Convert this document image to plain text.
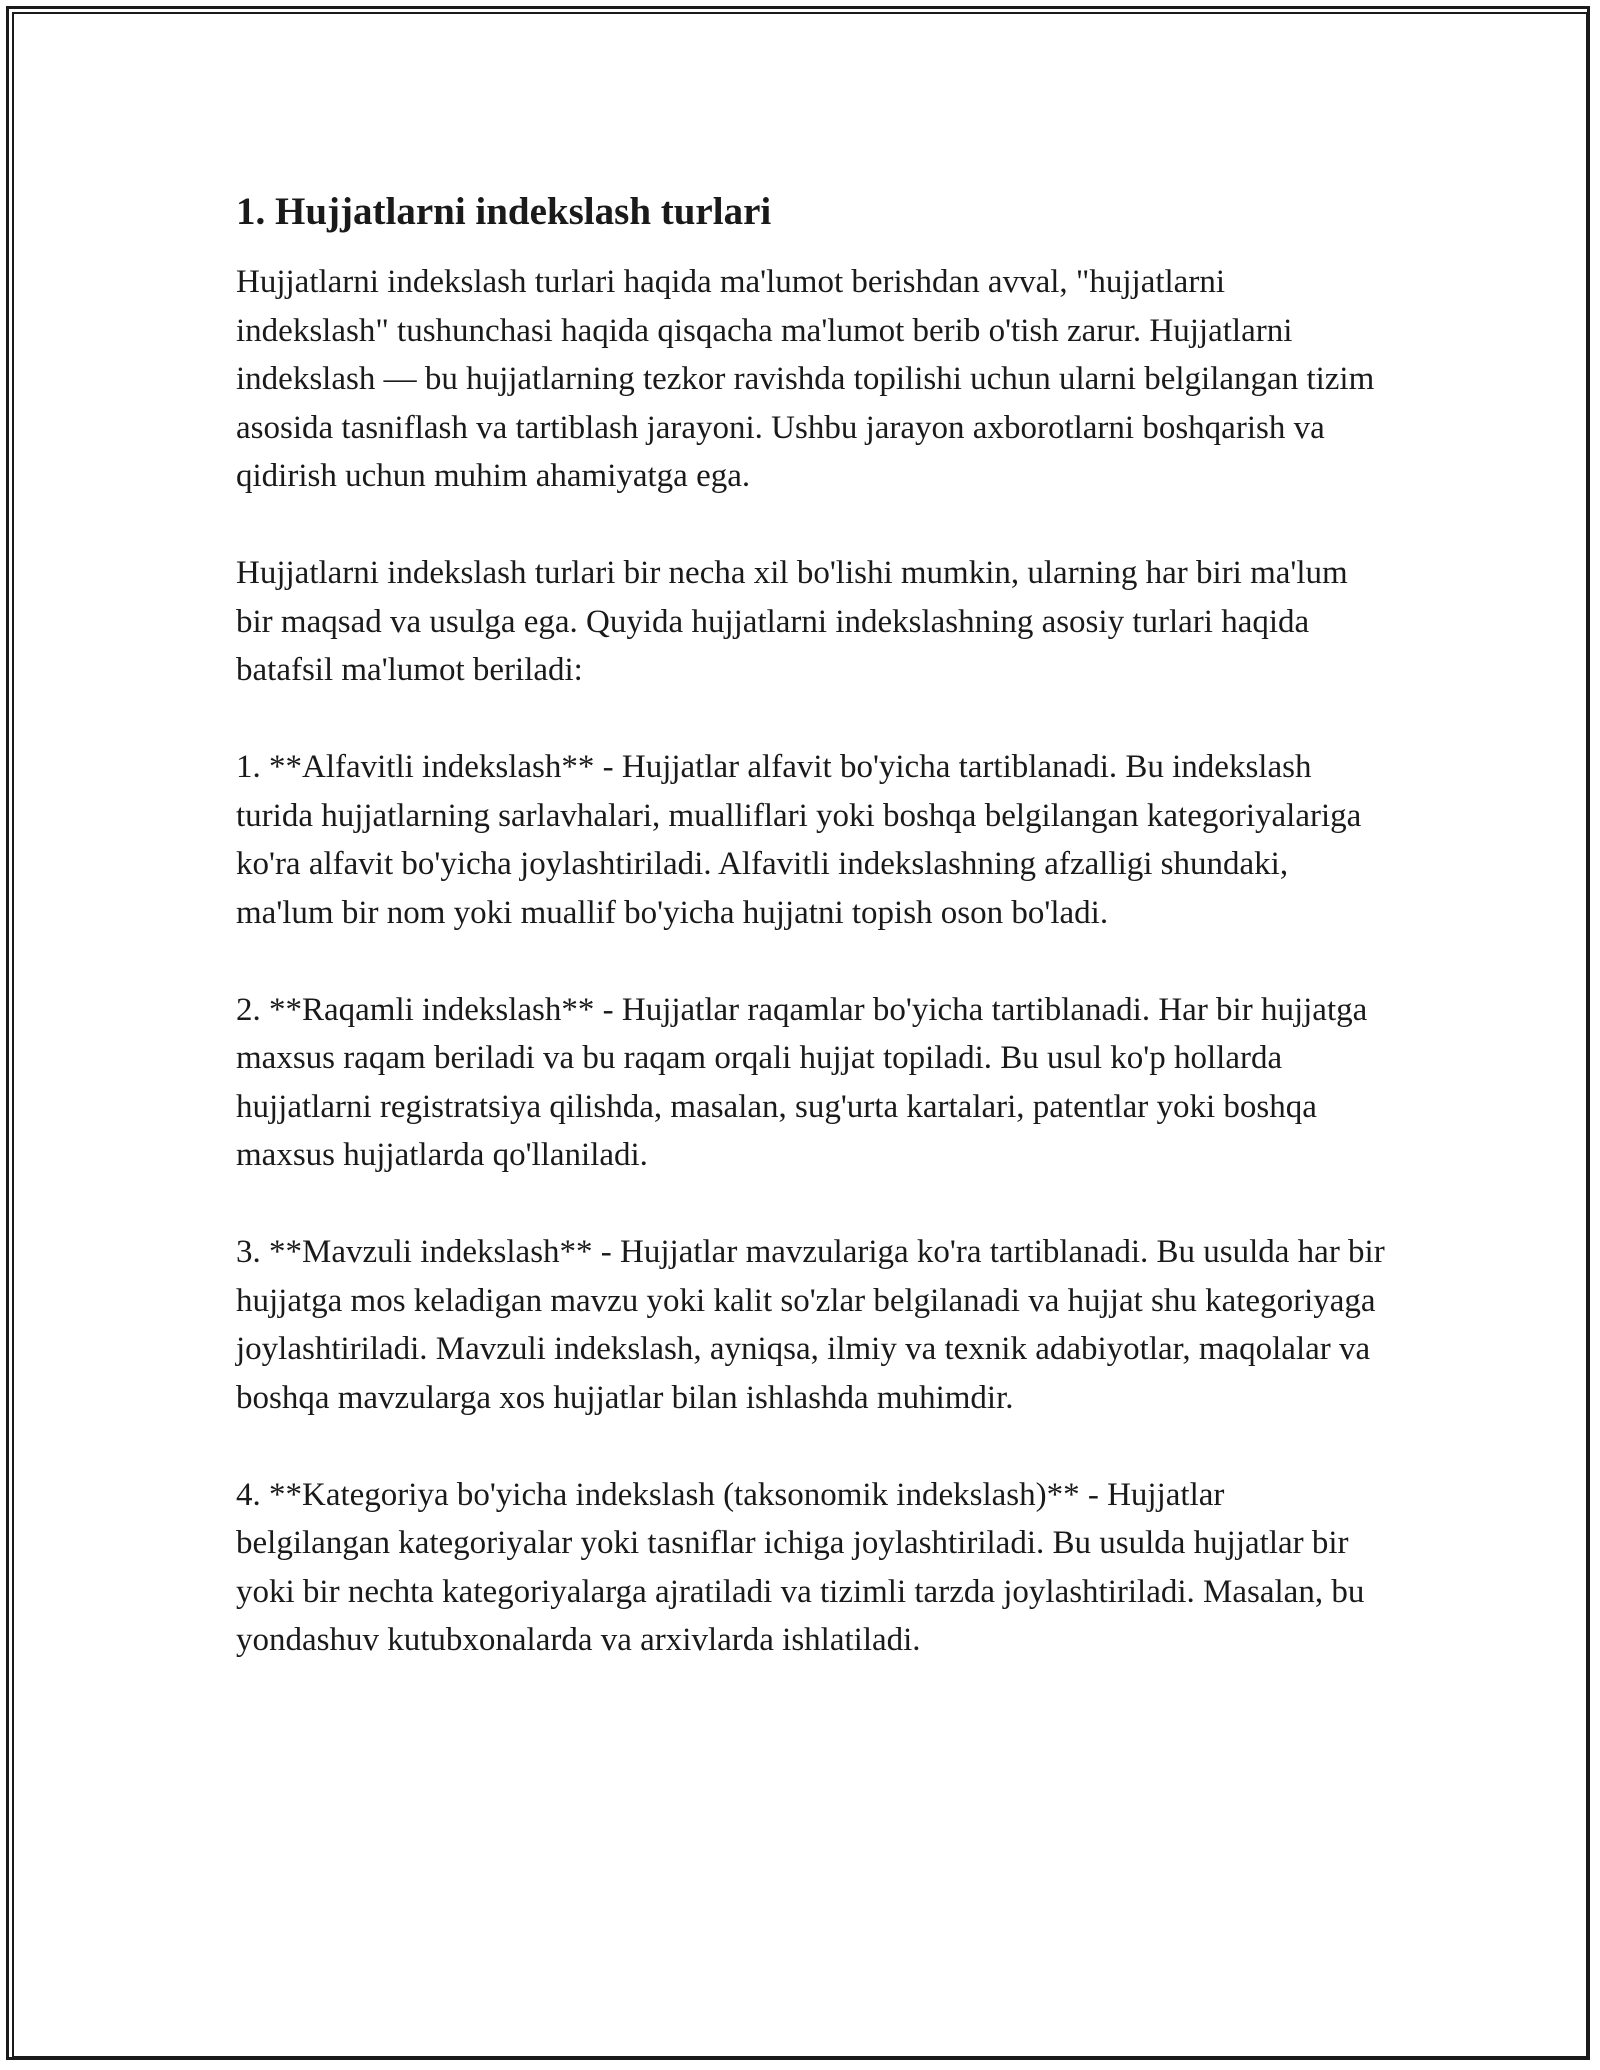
1. Hujjatlarni indekslash turlari

Hujjatlarni indekslash turlari haqida ma'lumot berishdan avval, "hujjatlarni indekslash" tushunchasi haqida qisqacha ma'lumot berib o'tish zarur. Hujjatlarni indekslash — bu hujjatlarning tezkor ravishda topilishi uchun ularni belgilangan tizim asosida tasniflash va tartiblash jarayoni. Ushbu jarayon axborotlarni boshqarish va qidirish uchun muhim ahamiyatga ega.

Hujjatlarni indekslash turlari bir necha xil bo'lishi mumkin, ularning har biri ma'lum bir maqsad va usulga ega. Quyida hujjatlarni indekslashning asosiy turlari haqida batafsil ma'lumot beriladi:

1. **Alfavitli indekslash** - Hujjatlar alfavit bo'yicha tartiblanadi. Bu indekslash turida hujjatlarning sarlavhalari, mualliflari yoki boshqa belgilangan kategoriyalariga ko'ra alfavit bo'yicha joylashtiriladi. Alfavitli indekslashning afzalligi shundaki, ma'lum bir nom yoki muallif bo'yicha hujjatni topish oson bo'ladi.

2. **Raqamli indekslash** - Hujjatlar raqamlar bo'yicha tartiblanadi. Har bir hujjatga maxsus raqam beriladi va bu raqam orqali hujjat topiladi. Bu usul ko'p hollarda hujjatlarni registratsiya qilishda, masalan, sug'urta kartalari, patentlar yoki boshqa maxsus hujjatlarda qo'llaniladi.

3. **Mavzuli indekslash** - Hujjatlar mavzulariga ko'ra tartiblanadi. Bu usulda har bir hujjatga mos keladigan mavzu yoki kalit so'zlar belgilanadi va hujjat shu kategoriyaga joylashtiriladi. Mavzuli indekslash, ayniqsa, ilmiy va texnik adabiyotlar, maqolalar va boshqa mavzularga xos hujjatlar bilan ishlashda muhimdir.

4. **Kategoriya bo'yicha indekslash (taksonomik indekslash)** - Hujjatlar belgilangan kategoriyalar yoki tasniflar ichiga joylashtiriladi. Bu usulda hujjatlar bir yoki bir nechta kategoriyalarga ajratiladi va tizimli tarzda joylashtiriladi. Masalan, bu yondashuv kutubxonalarda va arxivlarda ishlatiladi.
